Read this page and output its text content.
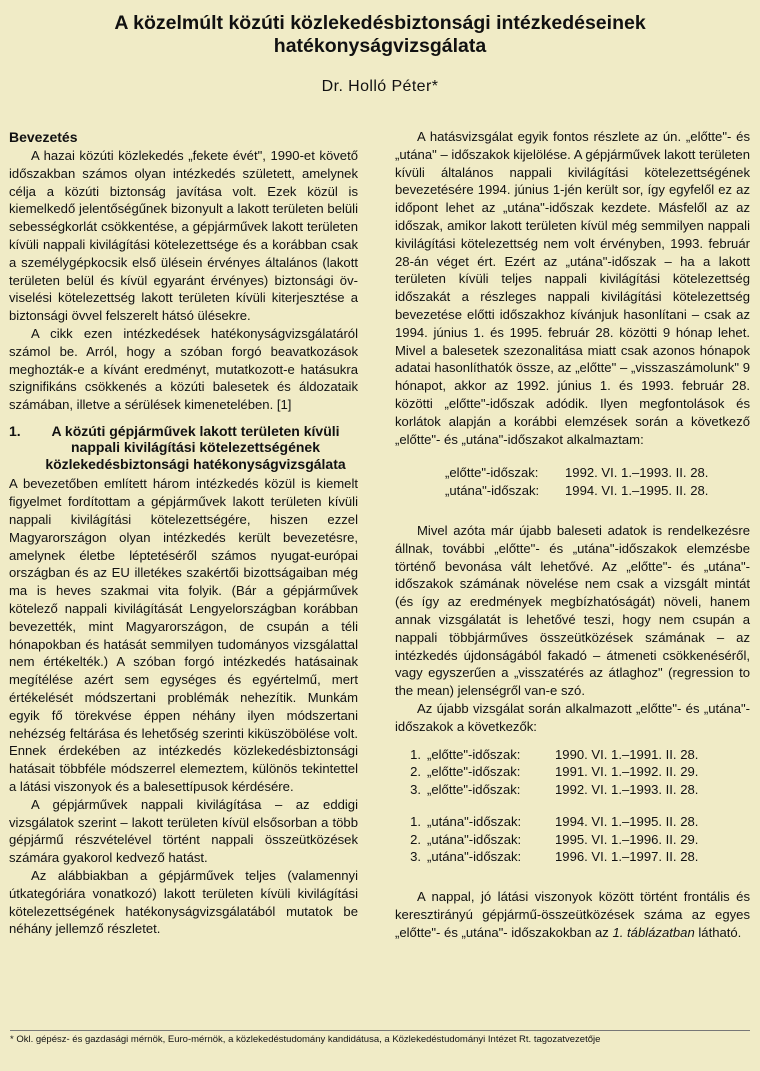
A közelmúlt közúti közlekedésbiztonsági intézkedéseinek
hatékonyságvizsgálata

Dr. Holló Péter*

Bevezetés

A hazai közúti közlekedés „fekete évét", 1990-et követő időszakban számos olyan intézkedés született, amelynek célja a közúti biztonság javítása volt. Ezek közül is kiemelkedő jelentőségűnek bizonyult a lakott területen belüli sebességkorlát csökkentése, a gépjárművek lakott területen kívüli nappali kivilágítási kötelezettsége és a korábban csak a személygépkocsik első ülésein érvényes általános (lakott területen belül és kívül egyaránt érvényes) biztonsági öv-viselési kötelezettség lakott területen kívüli kiterjesztése a biztonsági övvel felszerelt hátsó ülésekre.

A cikk ezen intézkedések hatékonyságvizsgálatáról számol be. Arról, hogy a szóban forgó beavatkozások meghozták-e a kívánt eredményt, mutatkozott-e hatásukra szignifikáns csökkenés a közúti balesetek és áldozataik számában, illetve a sérülések kimenetelében. [1]

1.	A közúti gépjárművek lakott területen kívüli nappali kivilágítási kötelezettségének közlekedésbiztonsági hatékonyságvizsgálata

A bevezetőben említett három intézkedés közül is kiemelt figyelmet fordítottam a gépjárművek lakott területen kívüli nappali kivilágítási kötelezettségére, hiszen ezzel Magyarországon olyan intézkedés került bevezetésre, amelynek életbe léptetéséről számos nyugat-európai országban és az EU illetékes szakértői bizottságaiban még ma is heves szakmai vita folyik. (Bár a gépjárművek kötelező nappali kivilágítását Lengyelországban korábban bevezették, mint Magyarországon, de csupán a téli hónapokban és hatását semmilyen tudományos vizsgálattal nem értékelték.) A szóban forgó intézkedés hatásainak megítélése azért sem egységes és egyértelmű, mert értékelését módszertani problémák nehezítik. Munkám egyik fő törekvése éppen néhány ilyen módszertani nehézség feltárása és lehetőség szerinti kiküszöbölése volt. Ennek érdekében az intézkedés közlekedésbiztonsági hatásait többféle módszerrel elemeztem, különös tekintettel a látási viszonyok és a balesettípusok kérdésére.

A gépjárművek nappali kivilágítása – az eddigi vizsgálatok szerint – lakott területen kívül elsősorban a több gépjármű részvételével történt nappali összeütközések számára gyakorol kedvező hatást.

Az alábbiakban a gépjárművek teljes (valamennyi útkategóriára vonatkozó) lakott területen kívüli kivilágítási kötelezettségének hatékonyságvizsgálatából mutatok be néhány jellemző részletet.

A hatásvizsgálat egyik fontos részlete az ún. „előtte"- és „utána" – időszakok kijelölése. A gépjárművek lakott területen kívüli általános nappali kivilágítási kötelezettségének bevezetésére 1994. június 1-jén került sor, így egyfelől ez az időpont lehet az „utána"-időszak kezdete. Másfelől az az időszak, amikor lakott területen kívül még semmilyen nappali kivilágítási kötelezettség nem volt érvényben, 1993. február 28-án véget ért. Ezért az „utána"-időszak – ha a lakott területen kívüli teljes nappali kivilágítási kötelezettség időszakát a részleges nappali kivilágítási kötelezettség bevezetése előtti időszakhoz kívánjuk hasonlítani – csak az 1994. június 1. és 1995. február 28. közötti 9 hónap lehet. Mivel a balesetek szezonalitása miatt csak azonos hónapok adatai hasonlíthatók össze, az „előtte" – „visszaszámolunk" 9 hónapot, akkor az 1992. június 1. és 1993. február 28. közötti „előtte"-időszak adódik. Ilyen megfontolások és korlátok alapján a korábbi elemzések során a következő „előtte"- és „utána"-időszakot alkalmaztam:

„előtte"-időszak:	1992. VI. 1.–1993. II. 28.
„utána"-időszak:	1994. VI. 1.–1995. II. 28.

Mivel azóta már újabb baleseti adatok is rendelkezésre állnak, további „előtte"- és „utána"-időszakok elemzésbe történő bevonása vált lehetővé. Az „előtte"- és „utána"-időszakok számának növelése nem csak a vizsgált mintát (és így az eredmények megbízhatóságát) növeli, hanem annak vizsgálatát is lehetővé teszi, hogy nem csupán a nappali többjárműves összeütközések számának – az intézkedés újdonságából fakadó – átmeneti csökkenéséről, vagy egyszerűen a „visszatérés az átlaghoz" (regression to the mean) jelenségről van-e szó.

Az újabb vizsgálat során alkalmazott „előtte"- és „utána"-időszakok a következők:

1. „előtte"-időszak:	1990. VI. 1.–1991. II. 28.
2. „előtte"-időszak:	1991. VI. 1.–1992. II. 29.
3. „előtte"-időszak:	1992. VI. 1.–1993. II. 28.
1. „utána"-időszak:	1994. VI. 1.–1995. II. 28.
2. „utána"-időszak:	1995. VI. 1.–1996. II. 29.
3. „utána"-időszak:	1996. VI. 1.–1997. II. 28.

A nappal, jó látási viszonyok között történt frontális és keresztirányú gépjármű-összeütközések száma az egyes „előtte"- és „utána"- időszakokban az 1. táblázatban látható.

* Okl. gépész- és gazdasági mérnök, Euro-mérnök, a közlekedéstudomány kandidátusa, a Közlekedéstudományi Intézet Rt. tagozatvezetője
